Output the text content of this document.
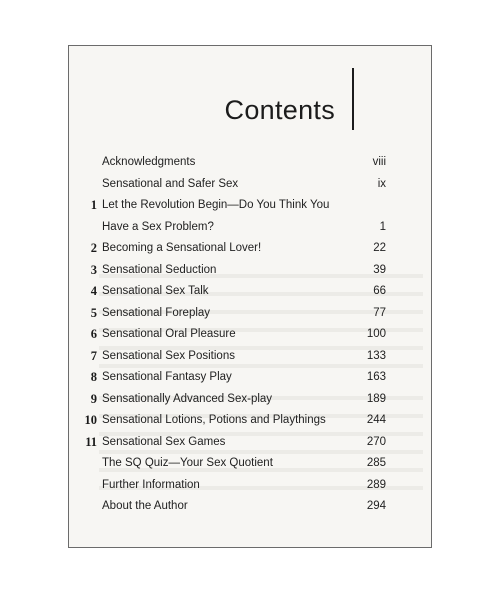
Contents
Acknowledgments	viii
Sensational and Safer Sex	ix
1 Let the Revolution Begin—Do You Think You
Have a Sex Problem?	1
2 Becoming a Sensational Lover!	22
3 Sensational Seduction	39
4 Sensational Sex Talk	66
5 Sensational Foreplay	77
6 Sensational Oral Pleasure	100
7 Sensational Sex Positions	133
8 Sensational Fantasy Play	163
9 Sensationally Advanced Sex-play	189
10 Sensational Lotions, Potions and Playthings	244
11 Sensational Sex Games	270
The SQ Quiz—Your Sex Quotient	285
Further Information	289
About the Author	294
